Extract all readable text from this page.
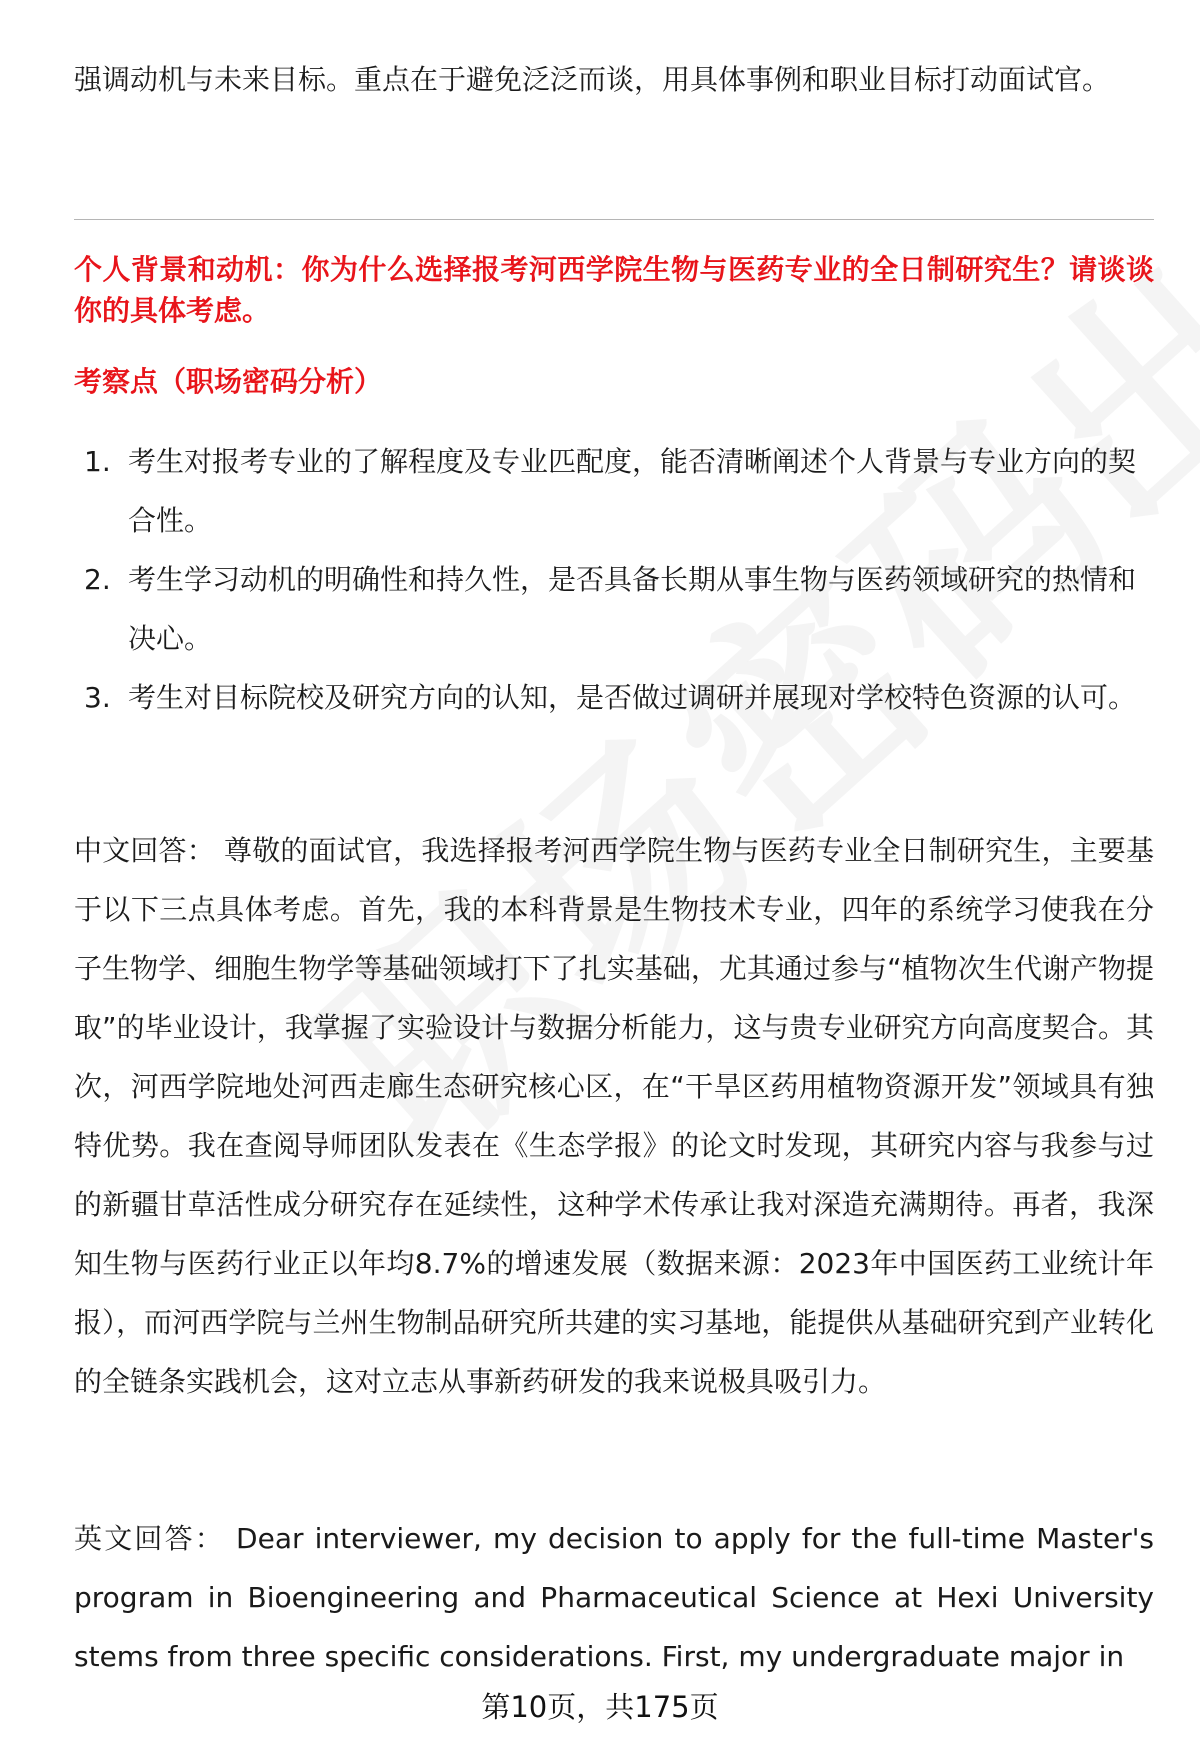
强调动机与未来目标。重点在于避免泛泛而谈，用具体事例和职业目标打动面试官。

个人背景和动机：你为什么选择报考河西学院生物与医药专业的全日制研究生？请谈谈你的具体考虑。

考察点（职场密码分析）

1. 考生对报考专业的了解程度及专业匹配度，能否清晰阐述个人背景与专业方向的契合性。
2. 考生学习动机的明确性和持久性，是否具备长期从事生物与医药领域研究的热情和决心。
3. 考生对目标院校及研究方向的认知，是否做过调研并展现对学校特色资源的认可。

中文回答： 尊敬的面试官，我选择报考河西学院生物与医药专业全日制研究生，主要基于以下三点具体考虑。首先，我的本科背景是生物技术专业，四年的系统学习使我在分子生物学、细胞生物学等基础领域打下了扎实基础，尤其通过参与“植物次生代谢产物提取”的毕业设计，我掌握了实验设计与数据分析能力，这与贵专业研究方向高度契合。其次，河西学院地处河西走廊生态研究核心区，在“干旱区药用植物资源开发”领域具有独特优势。我在查阅导师团队发表在《生态学报》的论文时发现，其研究内容与我参与过的新疆甘草活性成分研究存在延续性，这种学术传承让我对深造充满期待。再者，我深知生物与医药行业正以年均8.7%的增速发展（数据来源：2023年中国医药工业统计年报），而河西学院与兰州生物制品研究所共建的实习基地，能提供从基础研究到产业转化的全链条实践机会，这对立志从事新药研发的我来说极具吸引力。

英文回答： Dear interviewer, my decision to apply for the full-time Master's program in Bioengineering and Pharmaceutical Science at Hexi University stems from three specific considerations. First, my undergraduate major in

第10页，共175页
